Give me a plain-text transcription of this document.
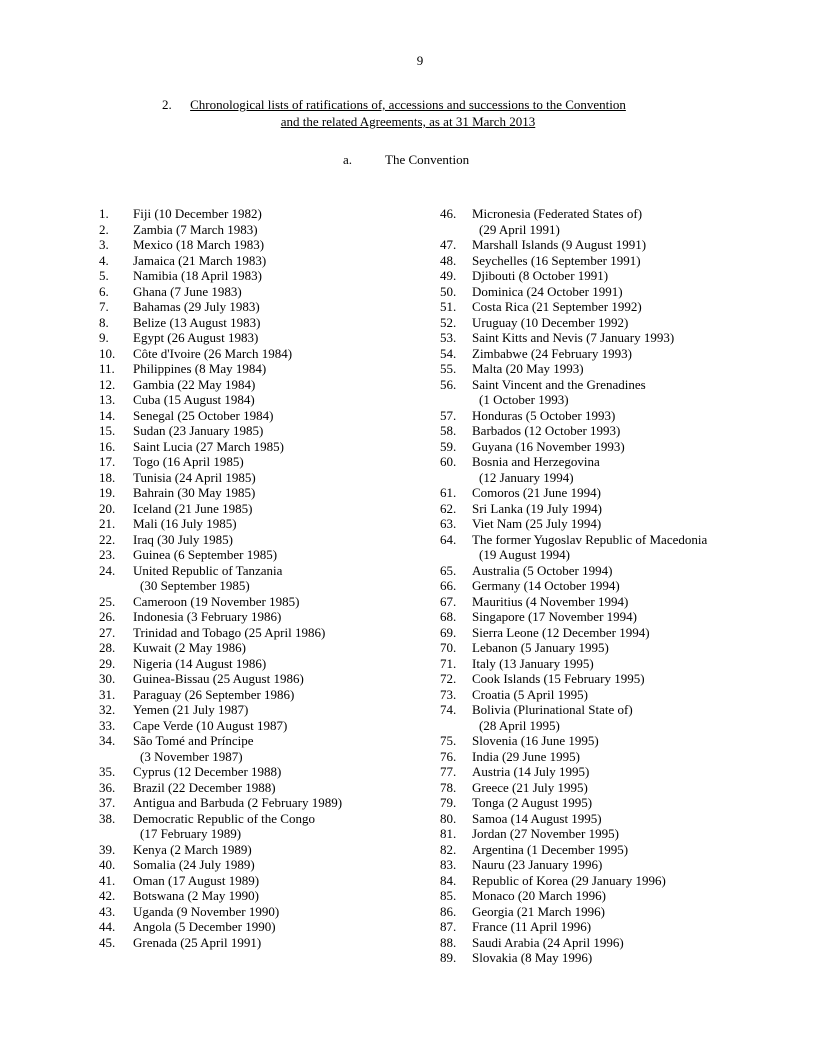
9
2.	Chronological lists of ratifications of, accessions and successions to the Convention
and the related Agreements, as at 31 March 2013
a.	The Convention
1. Fiji (10 December 1982)
2. Zambia (7 March 1983)
3. Mexico (18 March 1983)
4. Jamaica (21 March 1983)
5. Namibia (18 April 1983)
6. Ghana (7 June 1983)
7. Bahamas (29 July 1983)
8. Belize (13 August 1983)
9. Egypt (26 August 1983)
10. Côte d'Ivoire (26 March 1984)
11. Philippines (8 May 1984)
12. Gambia (22 May 1984)
13. Cuba (15 August 1984)
14. Senegal (25 October 1984)
15. Sudan (23 January 1985)
16. Saint Lucia (27 March 1985)
17. Togo (16 April 1985)
18. Tunisia (24 April 1985)
19. Bahrain (30 May 1985)
20. Iceland (21 June 1985)
21. Mali (16 July 1985)
22. Iraq (30 July 1985)
23. Guinea (6 September 1985)
24. United Republic of Tanzania
(30 September 1985)
25. Cameroon (19 November 1985)
26. Indonesia (3 February 1986)
27. Trinidad and Tobago (25 April 1986)
28. Kuwait (2 May 1986)
29. Nigeria (14 August 1986)
30. Guinea-Bissau (25 August 1986)
31. Paraguay (26 September 1986)
32. Yemen (21 July 1987)
33. Cape Verde (10 August 1987)
34. São Tomé and Príncipe
(3 November 1987)
35. Cyprus (12 December 1988)
36. Brazil (22 December 1988)
37. Antigua and Barbuda (2 February 1989)
38. Democratic Republic of the Congo
(17 February 1989)
39. Kenya (2 March 1989)
40. Somalia (24 July 1989)
41. Oman (17 August 1989)
42. Botswana (2 May 1990)
43. Uganda (9 November 1990)
44. Angola (5 December 1990)
45. Grenada (25 April 1991)
46. Micronesia (Federated States of)
(29 April 1991)
47. Marshall Islands (9 August 1991)
48. Seychelles (16 September 1991)
49. Djibouti (8 October 1991)
50. Dominica (24 October 1991)
51. Costa Rica (21 September 1992)
52. Uruguay (10 December 1992)
53. Saint Kitts and Nevis (7 January 1993)
54. Zimbabwe (24 February 1993)
55. Malta (20 May 1993)
56. Saint Vincent and the Grenadines
(1 October 1993)
57. Honduras (5 October 1993)
58. Barbados (12 October 1993)
59. Guyana (16 November 1993)
60. Bosnia and Herzegovina
(12 January 1994)
61. Comoros (21 June 1994)
62. Sri Lanka (19 July 1994)
63. Viet Nam (25 July 1994)
64. The former Yugoslav Republic of Macedonia
(19 August 1994)
65. Australia (5 October 1994)
66. Germany (14 October 1994)
67. Mauritius (4 November 1994)
68. Singapore (17 November 1994)
69. Sierra Leone (12 December 1994)
70. Lebanon (5 January 1995)
71. Italy (13 January 1995)
72. Cook Islands (15 February 1995)
73. Croatia (5 April 1995)
74. Bolivia (Plurinational State of)
(28 April 1995)
75. Slovenia (16 June 1995)
76. India (29 June 1995)
77. Austria (14 July 1995)
78. Greece (21 July 1995)
79. Tonga (2 August 1995)
80. Samoa (14 August 1995)
81. Jordan (27 November 1995)
82. Argentina (1 December 1995)
83. Nauru (23 January 1996)
84. Republic of Korea (29 January 1996)
85. Monaco (20 March 1996)
86. Georgia (21 March 1996)
87. France (11 April 1996)
88. Saudi Arabia (24 April 1996)
89. Slovakia (8 May 1996)
